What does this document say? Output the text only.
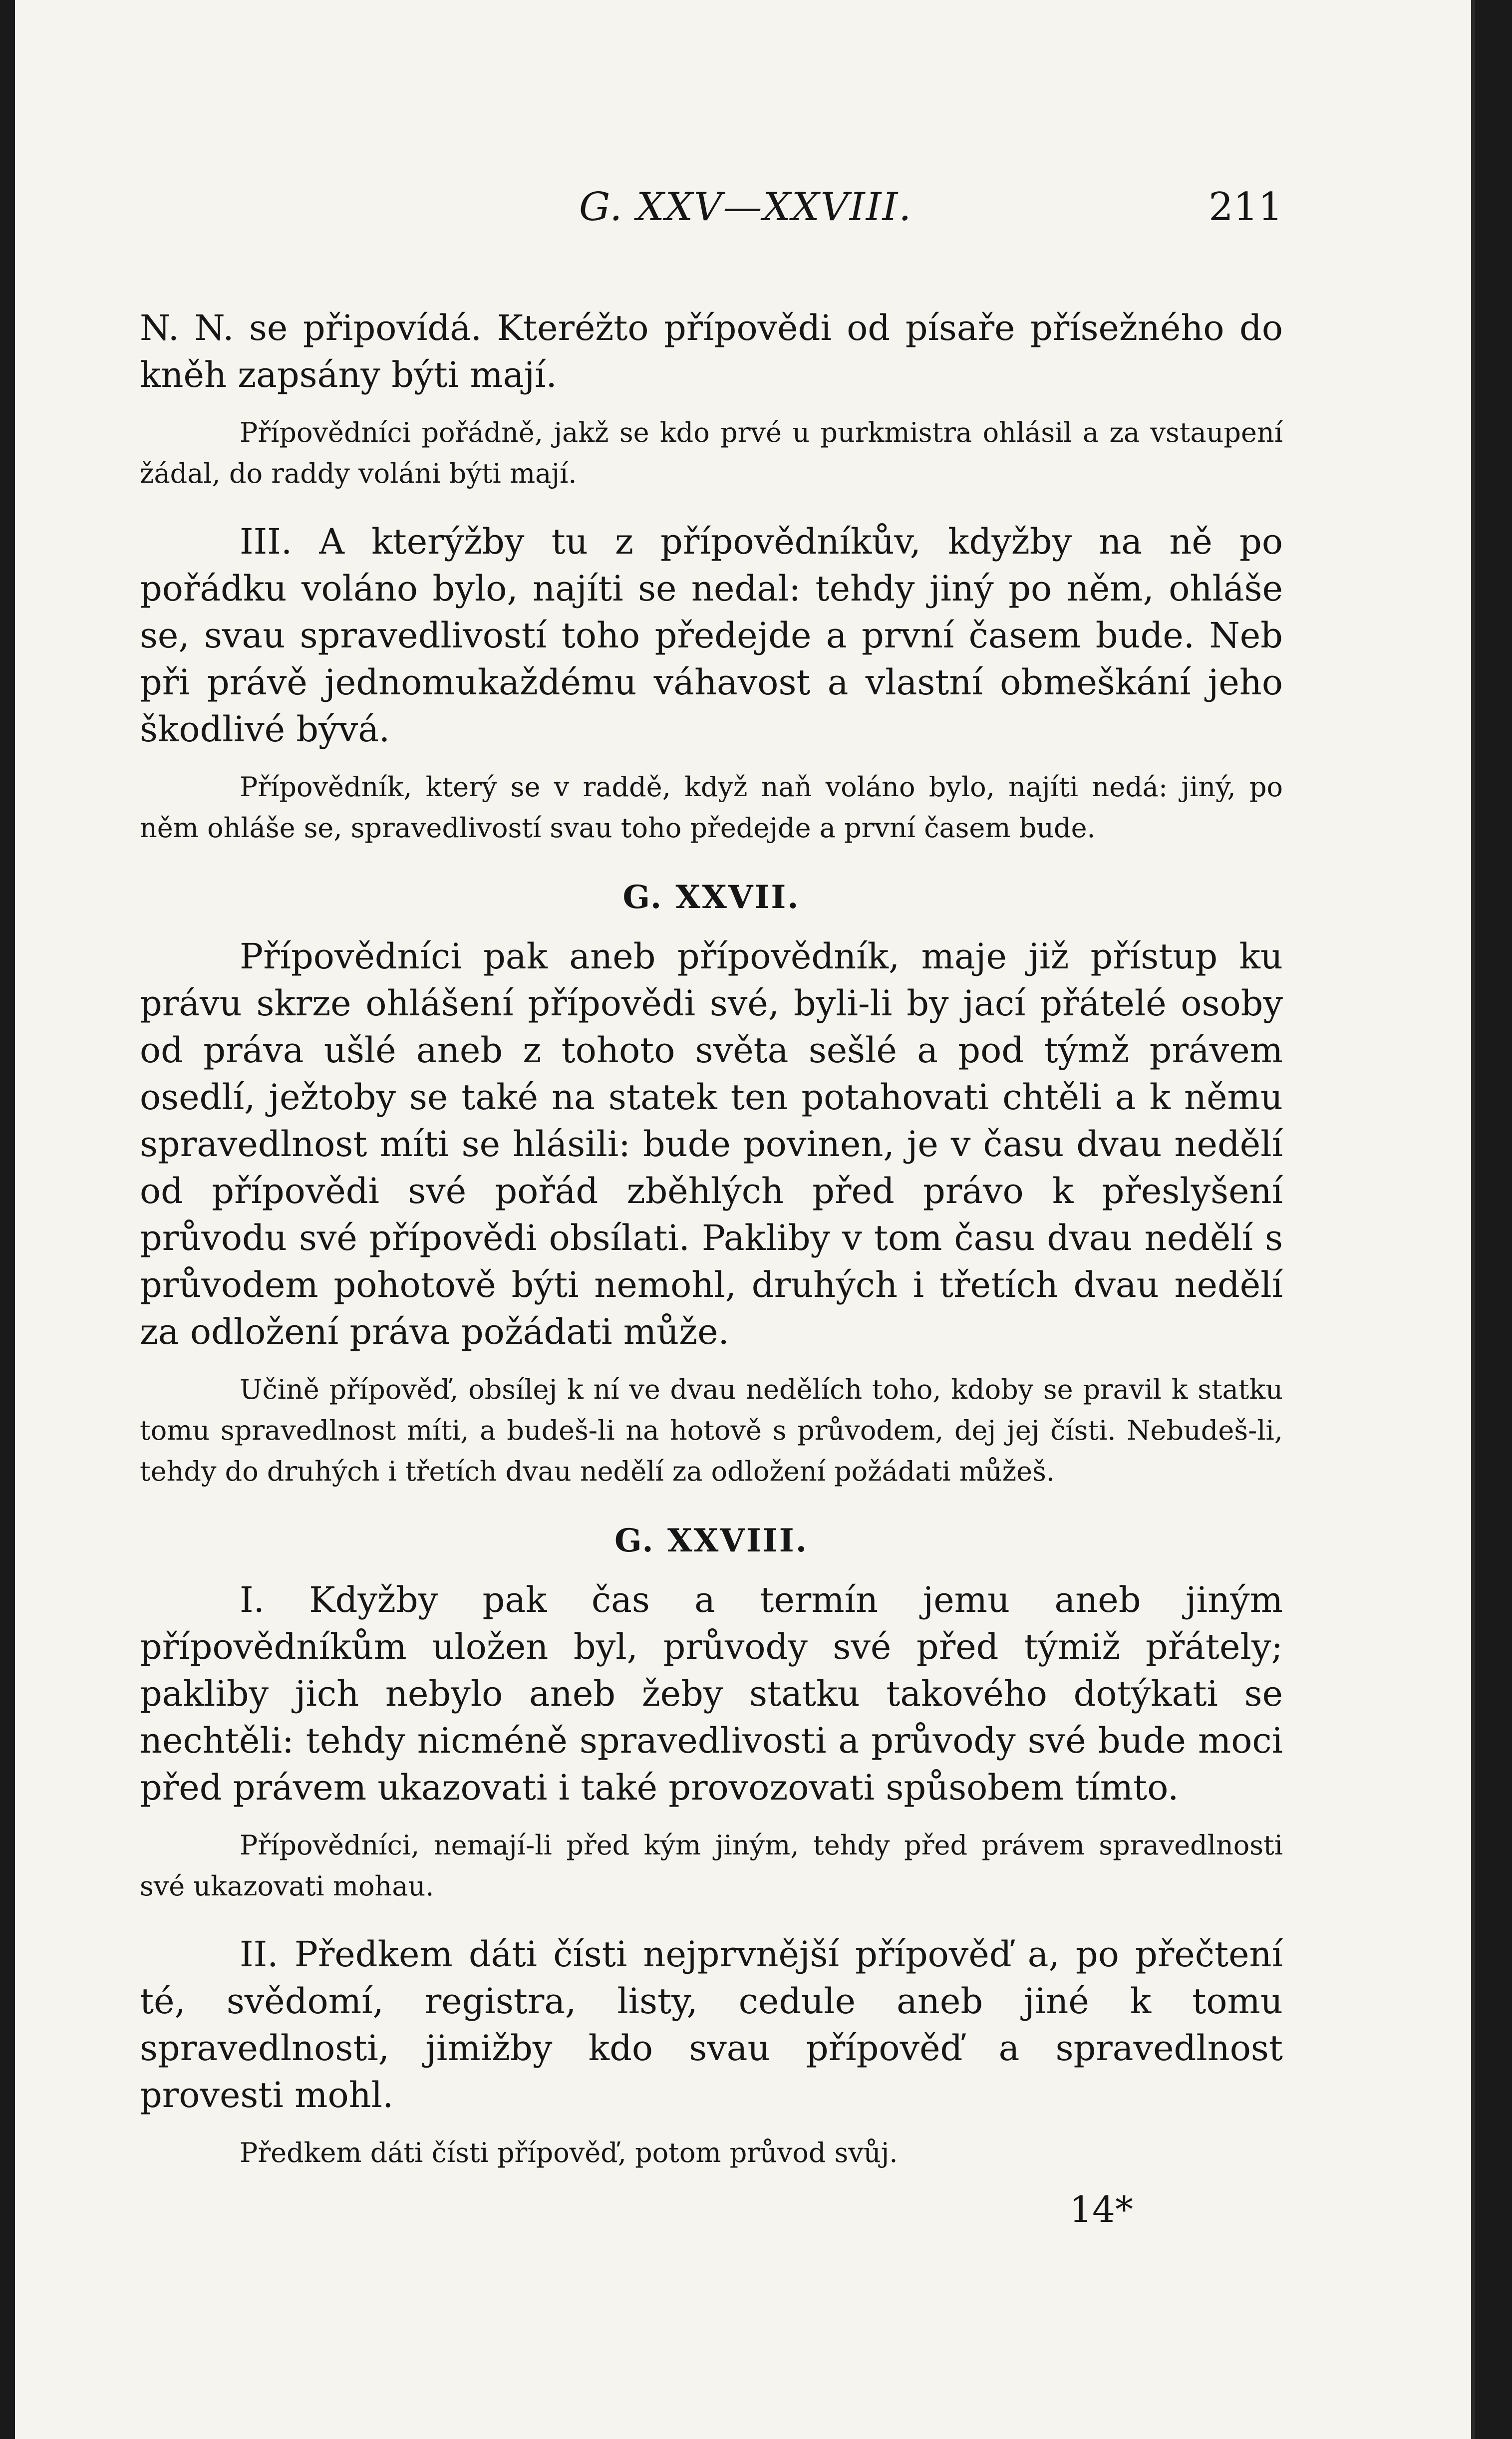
G. XXV—XXVIII.	211

N. N. se připovídá. Kteréžto přípovědi od písaře přísežného do kněh zapsány býti mají.

Přípovědníci pořádně, jakž se kdo prvé u purkmistra ohlásil a za vstaupení žádal, do raddy voláni býti mají.

III. A kterýžby tu z přípovědníkův, kdyžby na ně po pořádku voláno bylo, najíti se nedal: tehdy jiný po něm, ohláše se, svau spravedlivostí toho předejde a první časem bude. Neb při právě jednomukaždému váhavost a vlastní obmeškání jeho škodlivé bývá.

Přípovědník, který se v raddě, když naň voláno bylo, najíti nedá: jiný, po něm ohláše se, spravedlivostí svau toho předejde a první časem bude.

G. XXVII.

Přípovědníci pak aneb přípovědník, maje již přístup ku právu skrze ohlášení přípovědi své, byli-li by jací přátelé osoby od práva ušlé aneb z tohoto světa sešlé a pod týmž právem osedlí, ježtoby se také na statek ten potahovati chtěli a k němu spravedlnost míti se hlásili: bude povinen, je v času dvau nedělí od přípovědi své pořád zběhlých před právo k přeslyšení průvodu své přípovědi obsílati. Pakliby v tom času dvau nedělí s průvodem pohotově býti nemohl, druhých i třetích dvau nedělí za odložení práva požádati může.

Učině přípověď, obsílej k ní ve dvau nedělích toho, kdoby se pravil k statku tomu spravedlnost míti, a budeš-li na hotově s průvodem, dej jej čísti. Nebudeš-li, tehdy do druhých i třetích dvau nedělí za odložení požádati můžeš.

G. XXVIII.

I. Kdyžby pak čas a termín jemu aneb jiným přípovědníkům uložen byl, průvody své před týmiž přátely; pakliby jich nebylo aneb žeby statku takového dotýkati se nechtěli: tehdy nicméně spravedlivosti a průvody své bude moci před právem ukazovati i také provozovati spůsobem tímto.

Přípovědníci, nemají-li před kým jiným, tehdy před právem spravedlnosti své ukazovati mohau.

II. Předkem dáti čísti nejprvnější přípověď a, po přečtení té, svědomí, registra, listy, cedule aneb jiné k tomu spravedlnosti, jimižby kdo svau přípověď a spravedlnost provesti mohl.

Předkem dáti čísti přípověď, potom průvod svůj.

14*
